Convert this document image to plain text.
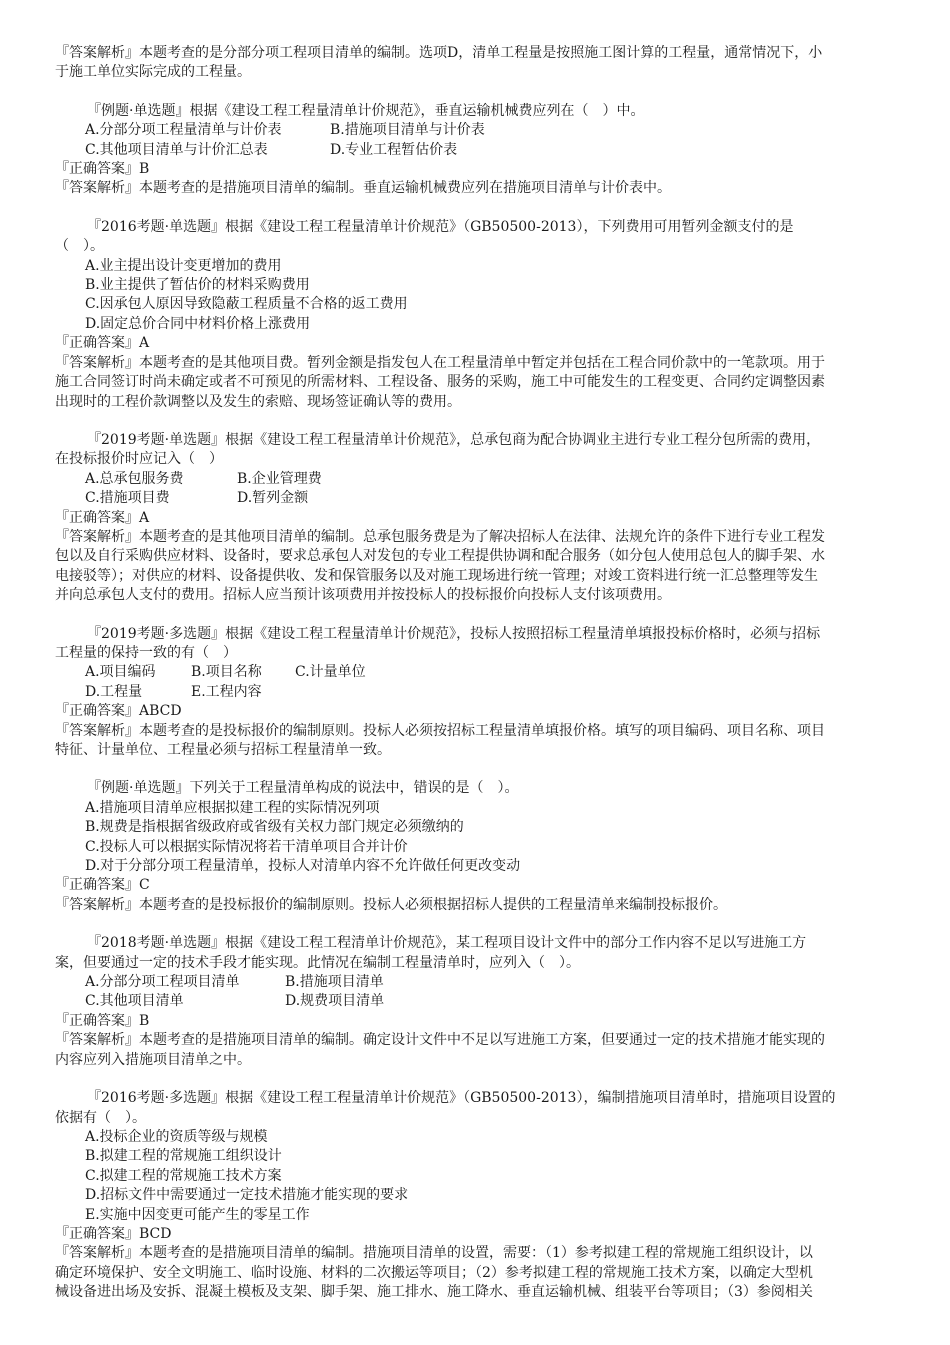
『答案解析』本题考查的是分部分项工程项目清单的编制。选项D，清单工程量是按照施工图计算的工程量，通常情况下，小
于施工单位实际完成的工程量。
『例题·单选题』根据《建设工程工程量清单计价规范》，垂直运输机械费应列在（　）中。
A.分部分项工程量清单与计价表	B.措施项目清单与计价表
C.其他项目清单与计价汇总表	D.专业工程暂估价表
『正确答案』B
『答案解析』本题考查的是措施项目清单的编制。垂直运输机械费应列在措施项目清单与计价表中。
『2016考题·单选题』根据《建设工程工程量清单计价规范》（GB50500-2013），下列费用可用暂列金额支付的是
（　）。
A.业主提出设计变更增加的费用
B.业主提供了暂估价的材料采购费用
C.因承包人原因导致隐蔽工程质量不合格的返工费用
D.固定总价合同中材料价格上涨费用
『正确答案』A
『答案解析』本题考查的是其他项目费。暂列金额是指发包人在工程量清单中暂定并包括在工程合同价款中的一笔款项。用于
施工合同签订时尚未确定或者不可预见的所需材料、工程设备、服务的采购，施工中可能发生的工程变更、合同约定调整因素
出现时的工程价款调整以及发生的索赔、现场签证确认等的费用。
『2019考题·单选题』根据《建设工程工程量清单计价规范》，总承包商为配合协调业主进行专业工程分包所需的费用，
在投标报价时应记入（　）
A.总承包服务费	B.企业管理费
C.措施项目费	D.暂列金额
『正确答案』A
『答案解析』本题考查的是其他项目清单的编制。总承包服务费是为了解决招标人在法律、法规允许的条件下进行专业工程发
包以及自行采购供应材料、设备时，要求总承包人对发包的专业工程提供协调和配合服务（如分包人使用总包人的脚手架、水
电接驳等）；对供应的材料、设备提供收、发和保管服务以及对施工现场进行统一管理；对竣工资料进行统一汇总整理等发生
并向总承包人支付的费用。招标人应当预计该项费用并按投标人的投标报价向投标人支付该项费用。
『2019考题·多选题』根据《建设工程工程量清单计价规范》，投标人按照招标工程量清单填报投标价格时，必须与招标
工程量的保持一致的有（　）
A.项目编码	B.项目名称	C.计量单位
D.工程量	E.工程内容
『正确答案』ABCD
『答案解析』本题考查的是投标报价的编制原则。投标人必须按招标工程量清单填报价格。填写的项目编码、项目名称、项目
特征、计量单位、工程量必须与招标工程量清单一致。
『例题·单选题』下列关于工程量清单构成的说法中，错误的是（　）。
A.措施项目清单应根据拟建工程的实际情况列项
B.规费是指根据省级政府或省级有关权力部门规定必须缴纳的
C.投标人可以根据实际情况将若干清单项目合并计价
D.对于分部分项工程量清单，投标人对清单内容不允许做任何更改变动
『正确答案』C
『答案解析』本题考查的是投标报价的编制原则。投标人必须根据招标人提供的工程量清单来编制投标报价。
『2018考题·单选题』根据《建设工程工程清单计价规范》，某工程项目设计文件中的部分工作内容不足以写进施工方
案，但要通过一定的技术手段才能实现。此情况在编制工程量清单时，应列入（　）。
A.分部分项工程项目清单	B.措施项目清单
C.其他项目清单	D.规费项目清单
『正确答案』B
『答案解析』本题考查的是措施项目清单的编制。确定设计文件中不足以写进施工方案，但要通过一定的技术措施才能实现的
内容应列入措施项目清单之中。
『2016考题·多选题』根据《建设工程工程量清单计价规范》（GB50500-2013），编制措施项目清单时，措施项目设置的
依据有（　）。
A.投标企业的资质等级与规模
B.拟建工程的常规施工组织设计
C.拟建工程的常规施工技术方案
D.招标文件中需要通过一定技术措施才能实现的要求
E.实施中因变更可能产生的零星工作
『正确答案』BCD
『答案解析』本题考查的是措施项目清单的编制。措施项目清单的设置，需要：（1）参考拟建工程的常规施工组织设计，以
确定环境保护、安全文明施工、临时设施、材料的二次搬运等项目；（2）参考拟建工程的常规施工技术方案，以确定大型机
械设备进出场及安拆、混凝土模板及支架、脚手架、施工排水、施工降水、垂直运输机械、组装平台等项目；（3）参阅相关
